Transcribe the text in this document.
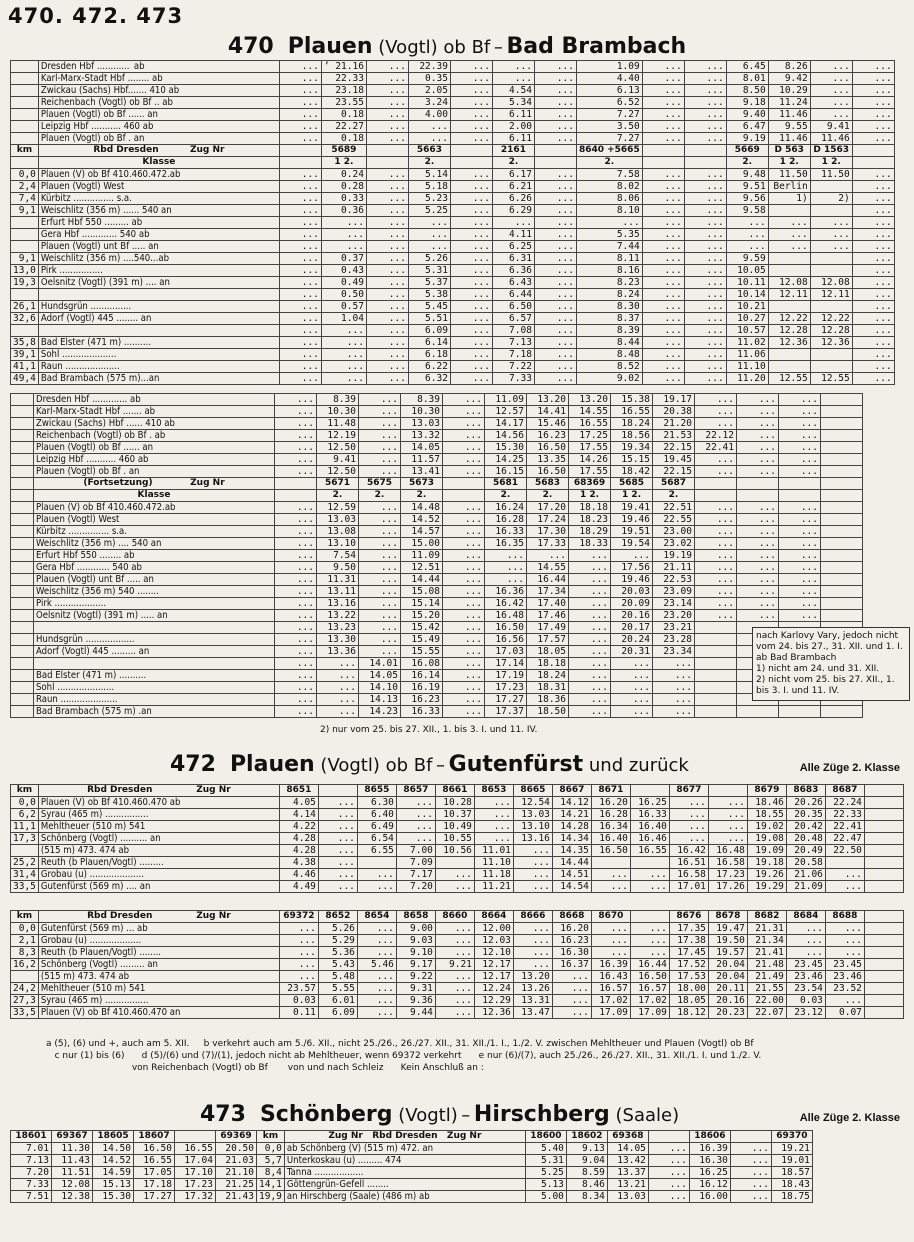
470. 472. 473
470 Plauen (Vogtl) ob Bf – Bad Brambach
	Dresden Hbf ............  ab	...	’ 21.16	...	22.39	...	...	...	1.09	...	...	6.45	8.26	...	...
	Karl-Marx-Stadt Hbf ........ ab	...	22.33	...	0.35	...	...	...	4.40	...	...	8.01	9.42	...	...
	Zwickau (Sachs) Hbf....... 410 ab	...	23.18	...	2.05	...	4.54	...	6.13	...	...	8.50	10.29	...	...
	Reichenbach (Vogtl) ob Bf .. ab	...	23.55	...	3.24	...	5.34	...	6.52	...	...	9.18	11.24	...	...
	Plauen (Vogtl) ob Bf ...... an	...	0.18	...	4.00	...	6.11	...	7.27	...	...	9.40	11.46	...	...
	Leipzig Hbf ........... 460 ab	...	22.27	...	...	...	2.00	...	3.50	...	...	6.47	9.55	9.41	...
	Plauen (Vogtl) ob Bf . an	...	0.18	...	...	...	6.11	...	7.27	...	...	9.19	11.46	11.46	...
km	Rbd Dresden          Zug Nr		5689		5663		2161		8640 +5665			5669	D 563	D 1563	
	Klasse		1 2.		2.		2.		2.			2.	1 2.	1 2.	
0,0	Plauen (V) ob Bf 410.460.472.ab	...	0.24	...	5.14	...	6.17	...	7.58	...	...	9.48	11.50	11.50	...
2,4	Plauen (Vogtl) West	...	0.28	...	5.18	...	6.21	...	8.02	...	...	9.51	Berlin		...
7,4	Kürbitz ............... s.a.	...	0.33	...	5.23	...	6.26	...	8.06	...	...	9.56	1)	2)	...
9,1	Weischlitz (356 m) ...... 540 an	...	0.36	...	5.25	...	6.29	...	8.10	...	...	9.58			...
	Erfurt Hbf 550 ......... ab	...	...	...	...	...	...	...	...	...	...	...	...	...	...
	Gera Hbf ............. 540 ab	...	...	...	...	...	4.11	...	5.35	...	...	...	...	...	...
	Plauen (Vogtl) unt Bf ..... an	...	...	...	...	...	6.25	...	7.44	...	...	...	...	...	...
9,1	Weischlitz (356 m) ....540...ab	...	0.37	...	5.26	...	6.31	...	8.11	...	...	9.59			...
13,0	Pirk ................	...	0.43	...	5.31	...	6.36	...	8.16	...	...	10.05			...
19,3	Oelsnitz (Vogtl) (391 m) .... an	...	0.49	...	5.37	...	6.43	...	8.23	...	...	10.11	12.08	12.08	...
		...	0.50	...	5.38	...	6.44	...	8.24	...	...	10.14	12.11	12.11	...
26,1	Hundsgrün ...............	...	0.57	...	5.45	...	6.50	...	8.30	...	...	10.21			...
32,6	Adorf (Vogtl) 445 ........ an	...	1.04	...	5.51	...	6.57	...	8.37	...	...	10.27	12.22	12.22	...
		...	...	...	6.09	...	7.08	...	8.39	...	...	10.57	12.28	12.28	...
35,8	Bad Elster (471 m) ..........	...	...	...	6.14	...	7.13	...	8.44	...	...	11.02	12.36	12.36	...
39,1	Sohl ....................	...	...	...	6.18	...	7.18	...	8.48	...	...	11.06			...
41,1	Raun ....................	...	...	...	6.22	...	7.22	...	8.52	...	...	11.10			...
49,4	Bad Brambach (575 m)...an	...	...	...	6.32	...	7.33	...	9.02	...	...	11.20	12.55	12.55	...
	Dresden Hbf ............. ab	...	8.39	...	8.39	...	11.09	13.20	13.20	15.38	19.17	...	...	...	
	Karl-Marx-Stadt Hbf ....... ab	...	10.30	...	10.30	...	12.57	14.41	14.55	16.55	20.38	...	...	...	
	Zwickau (Sachs) Hbf ...... 410 ab	...	11.48	...	13.03	...	14.17	15.46	16.55	18.24	21.20	...	...	...	
	Reichenbach (Vogtl) ob Bf . ab	...	12.19	...	13.32	...	14.56	16.23	17.25	18.56	21.53	22.12	...	...	
	Plauen (Vogtl) ob Bf ...... an	...	12.50	...	14.05	...	15.30	16.50	17.55	19.34	22.15	22.41	...	...	
	Leipzig Hbf ........... 460 ab	...	9.41	...	11.57	...	14.25	13.35	14.26	15.15	19.45	...	...	...	
	Plauen (Vogtl) ob Bf . an	...	12.50	...	13.41	...	16.15	16.50	17.55	18.42	22.15	...	...	...	
	(Fortsetzung)            Zug Nr		5671	5675	5673		5681	5683	68369	5685	5687				
	Klasse		2.	2.	2.		2.	2.	1 2.	1 2.	2.				
	Plauen (V) ob Bf 410.460.472.ab	...	12.59	...	14.48	...	16.24	17.20	18.18	19.41	22.51	...	...	...	
	Plauen (Vogtl) West	...	13.03	...	14.52	...	16.28	17.24	18.23	19.46	22.55	...	...	...	
	Kürbitz ............... s.a.	...	13.08	...	14.57	...	16.33	17.30	18.29	19.51	23.00	...	...	...	
	Weischlitz (356 m) .... 540 an	...	13.10	...	15.00	...	16.35	17.33	18.33	19.54	23.02	...	...	...	
	Erfurt Hbf 550 ........ ab	...	7.54	...	11.09	...	...	...	...	...	19.19	...	...	...	
	Gera Hbf ............ 540 ab	...	9.50	...	12.51	...	...	14.55	...	17.56	21.11	...	...	...	
	Plauen (Vogtl) unt Bf ..... an	...	11.31	...	14.44	...	...	16.44	...	19.46	22.53	...	...	...	
	Weischlitz (356 m) 540 ........	...	13.11	...	15.08	...	16.36	17.34	...	20.03	23.09	...	...	...	
	Pirk ...................	...	13.16	...	15.14	...	16.42	17.40	...	20.09	23.14	...	...	...	
	Oelsnitz (Vogtl) (391 m) ..... an	...	13.22	...	15.20	...	16.48	17.46	...	20.16	23.20	...	...	...	
		...	13.23	...	15.42	...	16.50	17.49	...	20.17	23.21				
	Hundsgrün ..................	...	13.30	...	15.49	...	16.56	17.57	...	20.24	23.28				
	Adorf (Vogtl) 445 ......... an	...	13.36	...	15.55	...	17.03	18.05	...	20.31	23.34				
		...	...	14.01	16.08	...	17.14	18.18	...	...	...				
	Bad Elster (471 m) ..........	...	...	14.05	16.14	...	17.19	18.24	...	...	...				
	Sohl .....................	...	...	14.10	16.19	...	17.23	18.31	...	...	...				
	Raun .....................	...	...	14.13	16.23	...	17.27	18.36	...	...	...				
	Bad Brambach (575 m) .an	...	...	14.23	16.33	...	17.37	18.50	...	...	...				
nach Karlovy Vary, jedoch nicht vom 24. bis 27., 31. XII. und 1. I. ab Bad Brambach
1) nicht am 24. und 31. XII.
2) nicht vom 25. bis 27. XII., 1. bis 3. I. und 11. IV.
2) nur vom 25. bis 27. XII., 1. bis 3. I. und 11. IV.
472 Plauen (Vogtl) ob Bf – Gutenfürst und zurück	Alle Züge 2. Klasse
km	Rbd Dresden              Zug Nr	8651		8655	8657	8661	8653	8665	8667	8671		8677		8679	8683	8687	
0,0	Plauen (V) ob Bf 410.460.470 ab	4.05	...	6.30	...	10.28	...	12.54	14.12	16.20	16.25	...	...	18.46	20.26	22.24	
6,2	Syrau (465 m) ................	4.14	...	6.40	...	10.37	...	13.03	14.21	16.28	16.33	...	...	18.55	20.35	22.33	
11,1	Mehltheuer (510 m) 541	4.22	...	6.49	...	10.49	...	13.10	14.28	16.34	16.40	...	...	19.02	20.42	22.41	
17,3	Schönberg (Vogtl) .......... an	4.28	...	6.54	...	10.55	...	13.16	14.34	16.40	16.46	...	...	19.08	20.48	22.47	
	(515 m) 473. 474 ab	4.28	...	6.55	7.00	10.56	11.01	...	14.35	16.50	16.55	16.42	16.48	19.09	20.49	22.50	
25,2	Reuth (b Plauen/Vogtl) .........	4.38	...		7.09		11.10	...	14.44			16.51	16.58	19.18	20.58		
31,4	Grobau (u) ....................	4.46	...	...	7.17	...	11.18	...	14.51	...	...	16.58	17.23	19.26	21.06	...	
33,5	Gutenfürst (569 m) .... an	4.49	...	...	7.20	...	11.21	...	14.54	...	...	17.01	17.26	19.29	21.09	...	
km	Rbd Dresden              Zug Nr	69372	8652	8654	8658	8660	8664	8666	8668	8670		8676	8678	8682	8684	8688	
0,0	Gutenfürst (569 m) ... ab	...	5.26	...	9.00	...	12.00	...	16.20	...	...	17.35	19.47	21.31	...	...	
2,1	Grobau (u) ...................	...	5.29	...	9.03	...	12.03	...	16.23	...	...	17.38	19.50	21.34	...	...	
8,3	Reuth (b Plauen/Vogtl) ........	...	5.36	...	9.10	...	12.10	...	16.30	...	...	17.45	19.57	21.41	...	...	
16,2	Schönberg (Vogtl) ......... an	...	5.43	5.46	9.17	9.21	12.17	...	16.37	16.39	16.44	17.52	20.04	21.48	23.45	23.45	
	(515 m) 473. 474 ab	...	5.48	...	9.22	...	12.17	13.20	...	16.43	16.50	17.53	20.04	21.49	23.46	23.46	
24,2	Mehltheuer (510 m) 541	23.57	5.55	...	9.31	...	12.24	13.26	...	16.57	16.57	18.00	20.11	21.55	23.54	23.52	
27,3	Syrau (465 m) ................	0.03	6.01	...	9.36	...	12.29	13.31	...	17.02	17.02	18.05	20.16	22.00	0.03	...	
33,5	Plauen (V) ob Bf 410.460.470 an	0.11	6.09	...	9.44	...	12.36	13.47	...	17.09	17.09	18.12	20.23	22.07	23.12	0.07	
a (5), (6) und +, auch am 5. XII.     b verkehrt auch am 5./6. XII., nicht 25./26., 26./27. XII., 31. XII./1. I., 1./2. V. zwischen Mehltheuer und Plauen (Vogtl) ob Bf
c nur (1) bis (6)      d (5)/(6) und (7)/(1), jedoch nicht ab Mehltheuer, wenn 69372 verkehrt      e nur (6)/(7), auch 25./26., 26./27. XII., 31. XII./1. I. und 1./2. V.
von Reichenbach (Vogtl) ob Bf       von und nach Schleiz      Kein Anschluß an :
473 Schönberg (Vogtl) – Hirschberg (Saale)	Alle Züge 2. Klasse
18601	69367	18605	18607		69369	km	Zug Nr   Rbd Dresden   Zug Nr	18600	18602	69368		18606		69370
7.01	11.30	14.50	16.50	16.55	20.50	0,0	ab Schönberg (V) (515 m) 472. an	5.40	9.13	14.05	...	16.39	...	19.21
7.13	11.43	14.52	16.55	17.04	21.03	5,7	Unterkoskau (u) ......... 474	5.31	9.04	13.42	...	16.30	...	19.01
7.20	11.51	14.59	17.05	17.10	21.10	8,4	Tanna ..................	5.25	8.59	13.37	...	16.25	...	18.57
7.33	12.08	15.13	17.18	17.23	21.25	14,1	Göttengrün-Gefell ........	5.13	8.46	13.21	...	16.12	...	18.43
7.51	12.38	15.30	17.27	17.32	21.43	19,9	an Hirschberg (Saale) (486 m) ab	5.00	8.34	13.03	...	16.00	...	18.75
